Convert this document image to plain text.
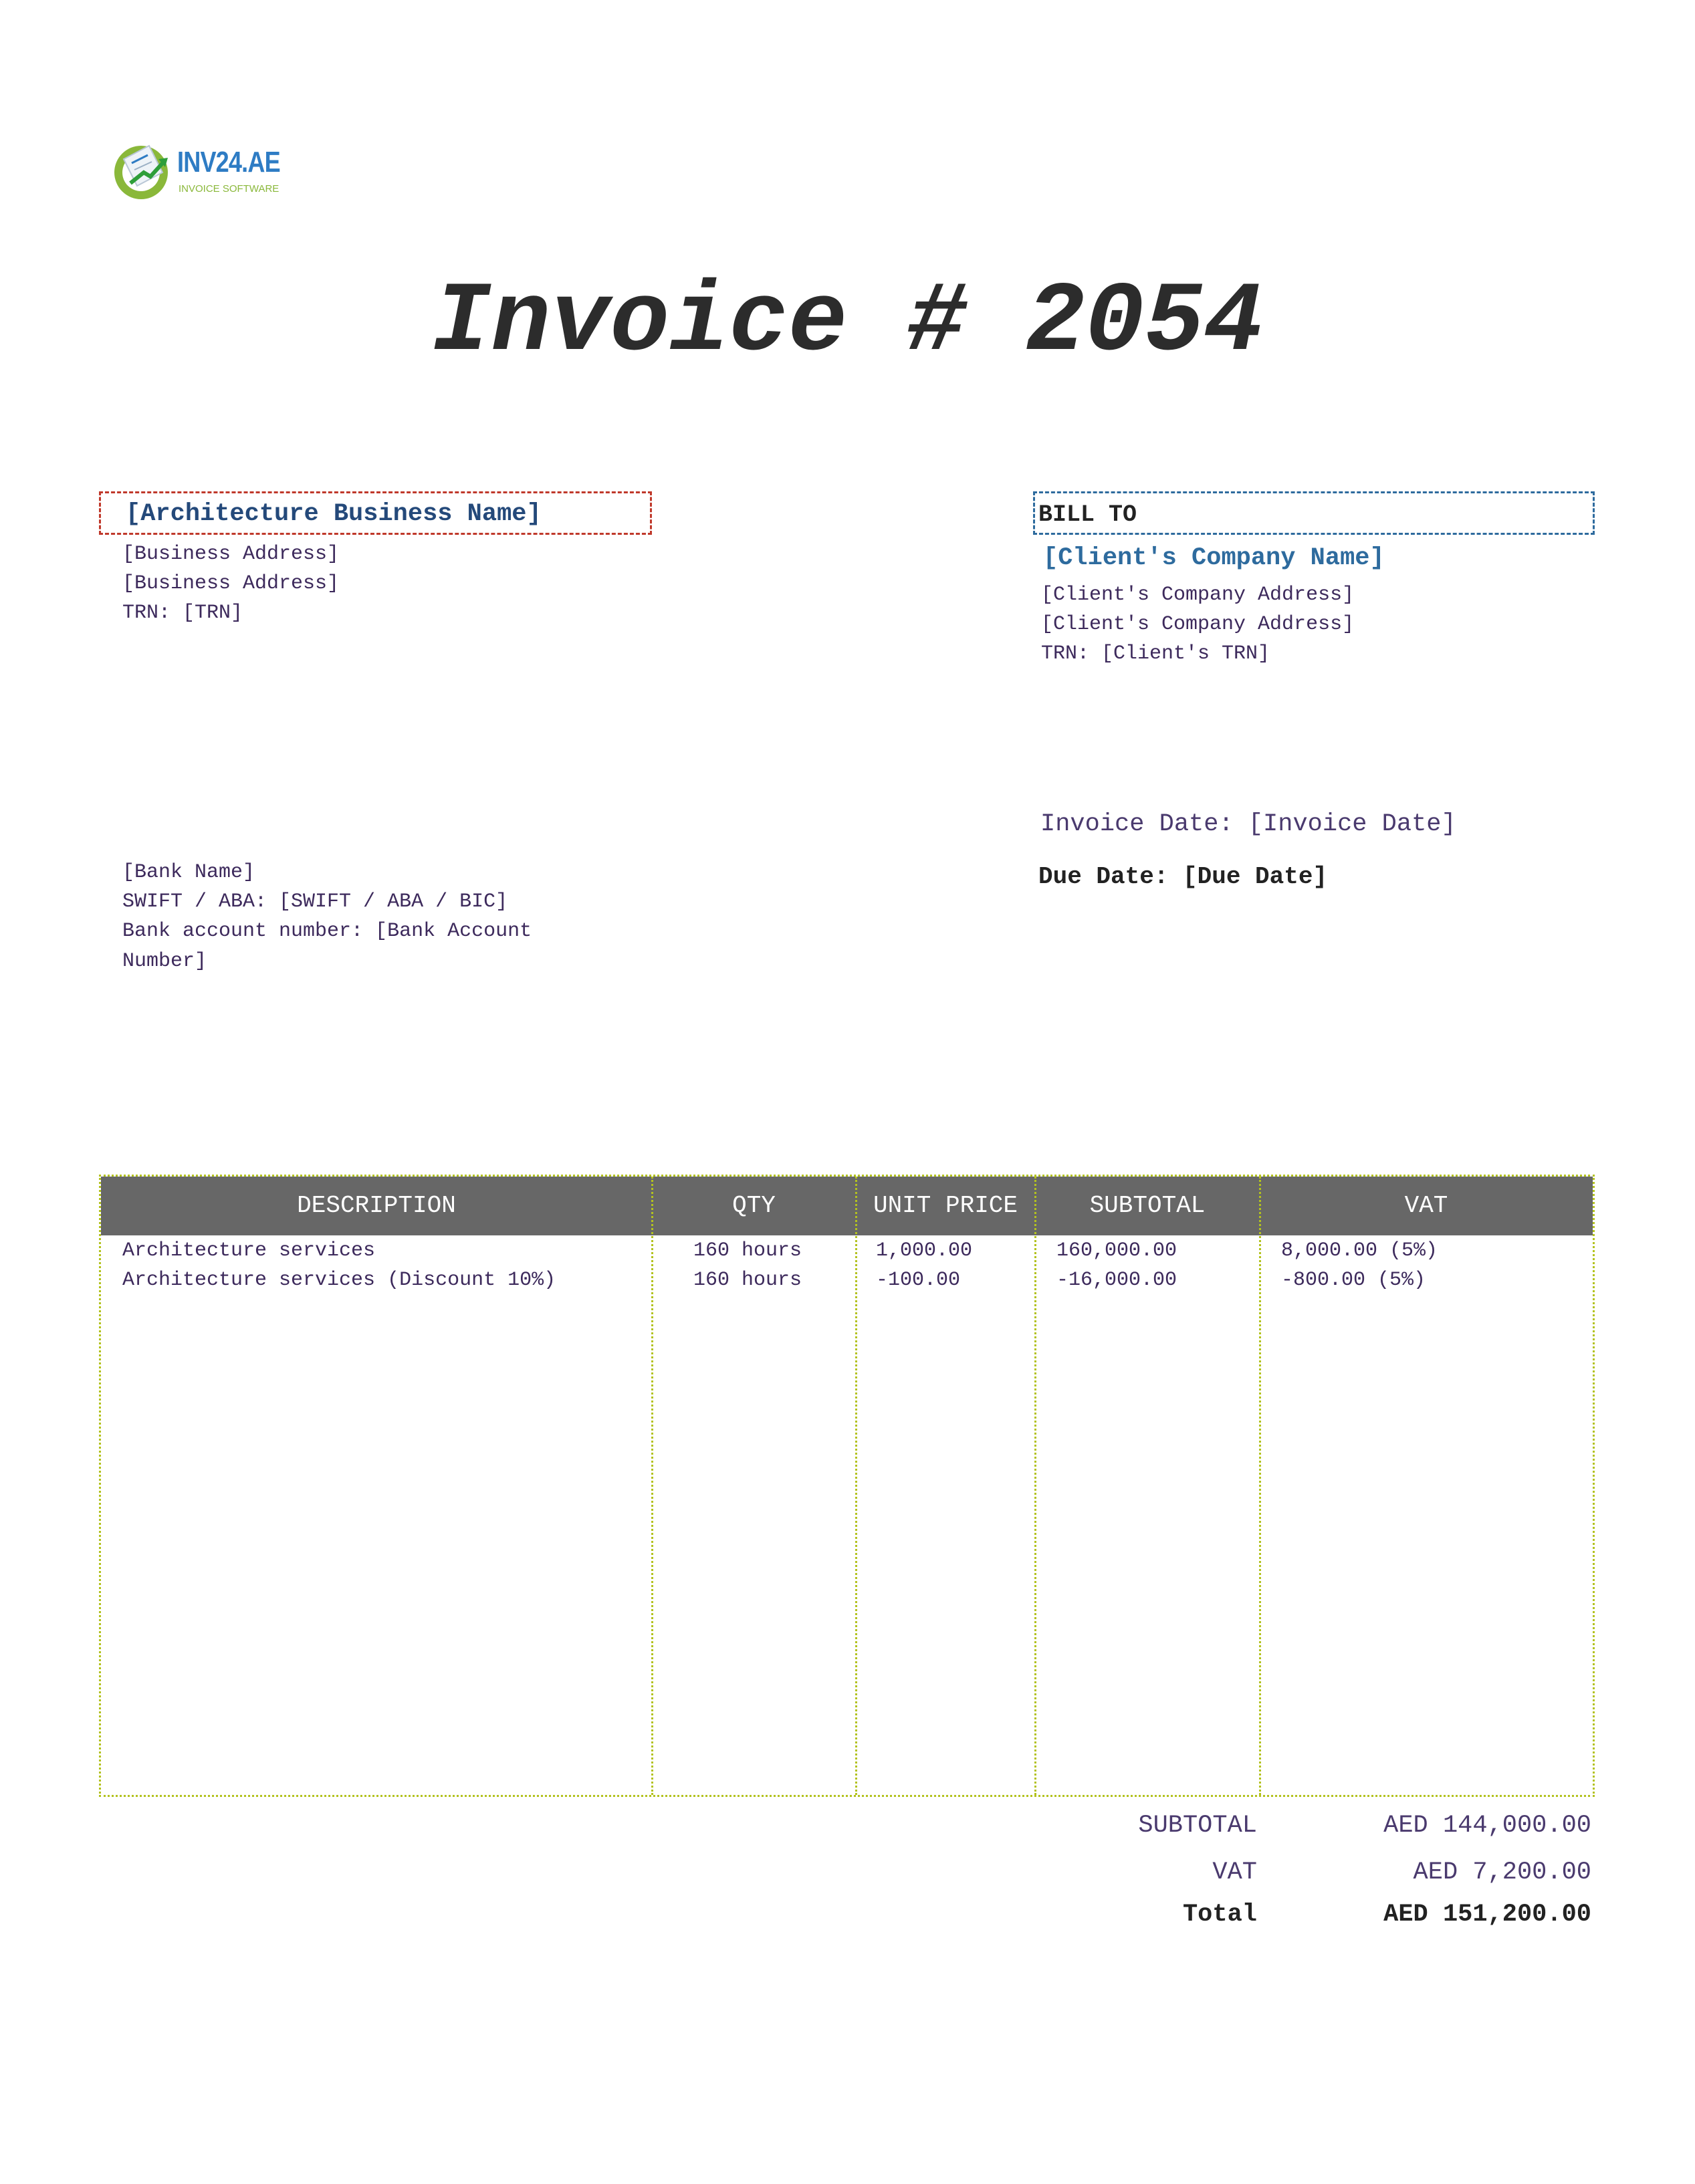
INV24.AE
INVOICE SOFTWARE
Invoice # 2054
[Architecture Business Name]
[Business Address]
[Business Address]
TRN: [TRN]
BILL TO
[Client's Company Name]
[Client's Company Address]
[Client's Company Address]
TRN: [Client's TRN]
Invoice Date: [Invoice Date]
Due Date: [Due Date]
[Bank Name]
SWIFT / ABA: [SWIFT / ABA / BIC]
Bank account number: [Bank Account
Number]
DESCRIPTION	QTY	UNIT PRICE	SUBTOTAL	VAT
Architecture services	160 hours	1,000.00	160,000.00	8,000.00 (5%)
Architecture services (Discount 10%)	160 hours	-100.00	-16,000.00	-800.00 (5%)
SUBTOTAL	AED 144,000.00
VAT	AED 7,200.00
Total	AED 151,200.00
